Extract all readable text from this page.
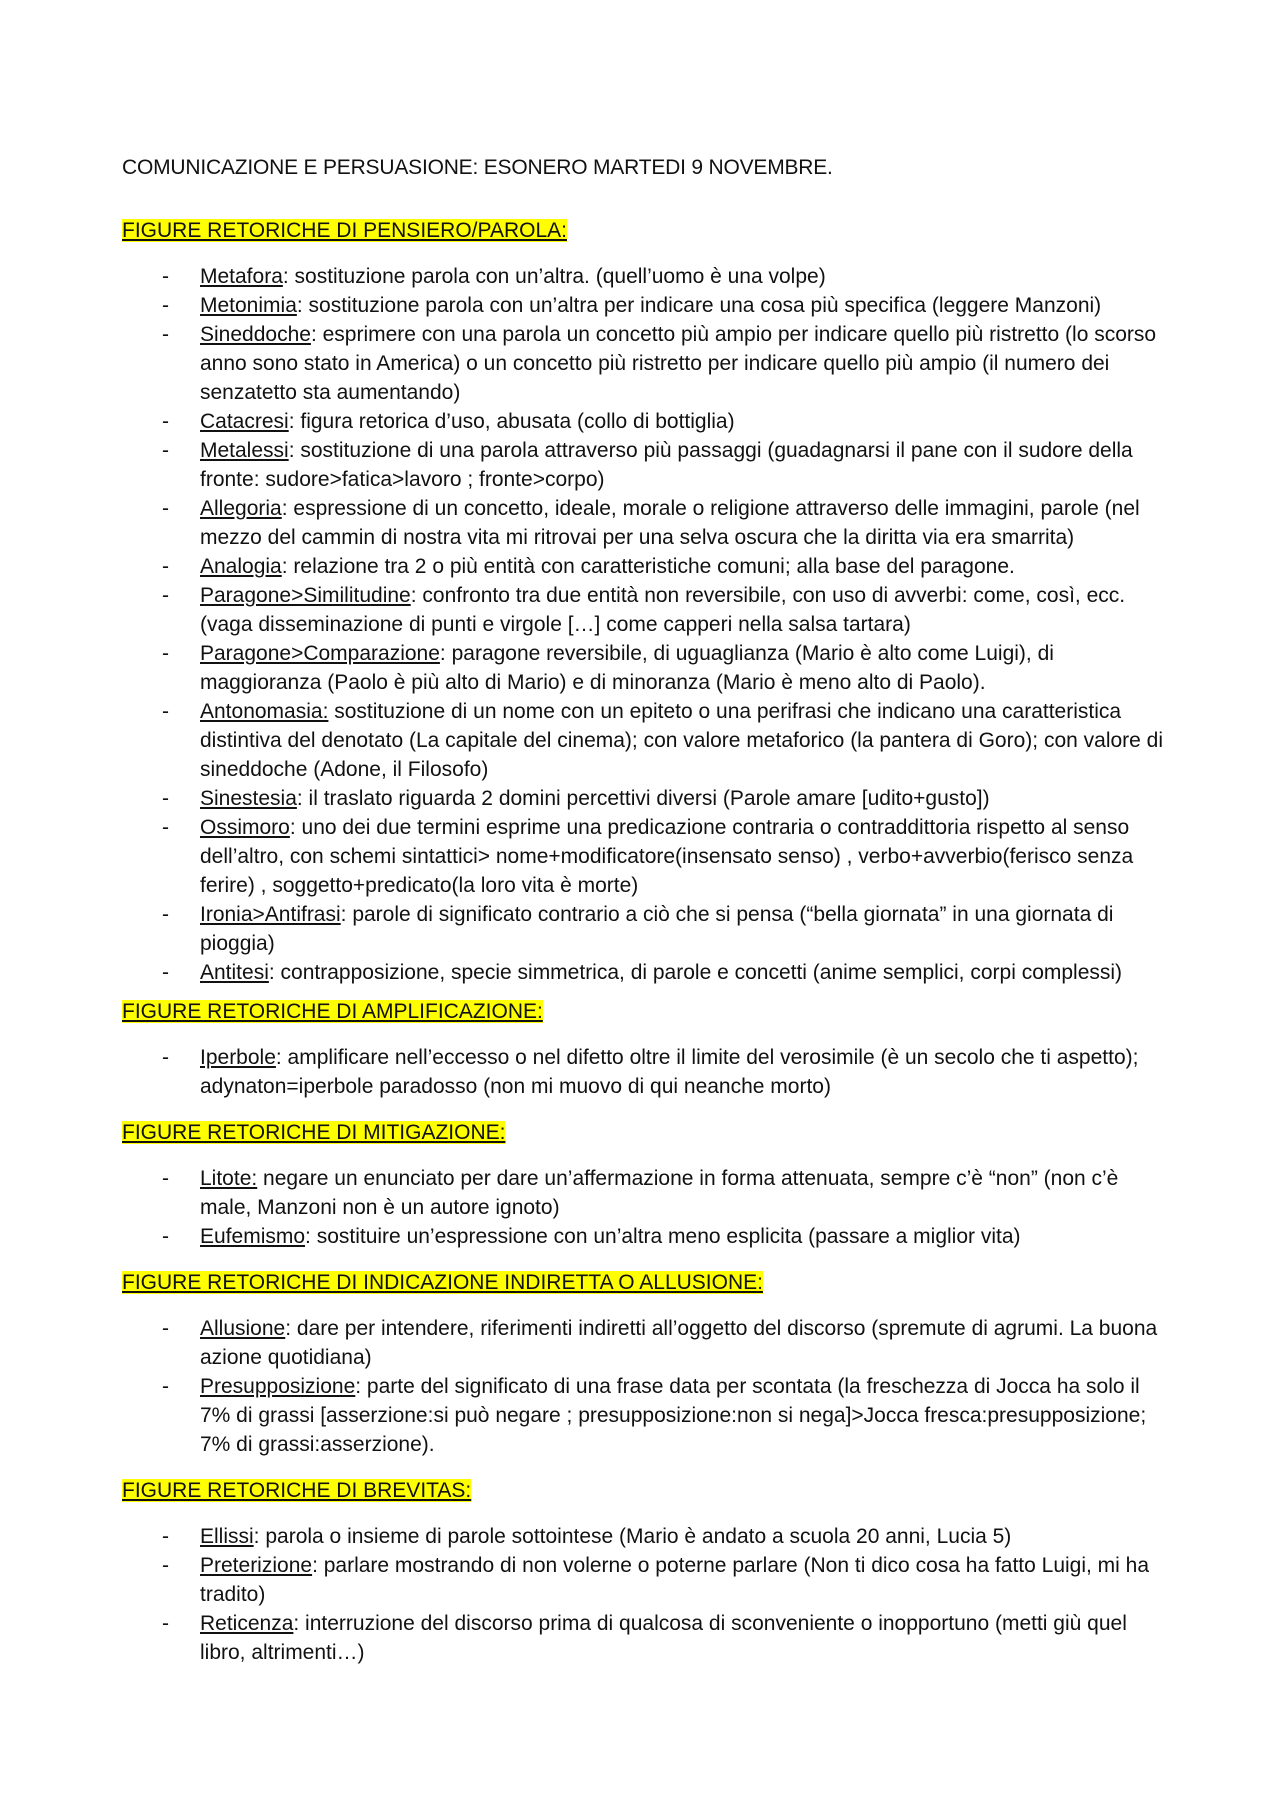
COMUNICAZIONE E PERSUASIONE: ESONERO MARTEDI 9 NOVEMBRE.
FIGURE RETORICHE DI PENSIERO/PAROLA:
- Metafora: sostituzione parola con un’altra. (quell’uomo è una volpe)
- Metonimia: sostituzione parola con un’altra per indicare una cosa più specifica (leggere Manzoni)
- Sineddoche: esprimere con una parola un concetto più ampio per indicare quello più ristretto (lo scorso anno sono stato in America) o un concetto più ristretto per indicare quello più ampio (il numero dei senzatetto sta aumentando)
- Catacresi: figura retorica d’uso, abusata (collo di bottiglia)
- Metalessi: sostituzione di una parola attraverso più passaggi (guadagnarsi il pane con il sudore della fronte: sudore>fatica>lavoro ; fronte>corpo)
- Allegoria: espressione di un concetto, ideale, morale o religione attraverso delle immagini, parole (nel mezzo del cammin di nostra vita mi ritrovai per una selva oscura che la diritta via era smarrita)
- Analogia: relazione tra 2 o più entità con caratteristiche comuni; alla base del paragone.
- Paragone>Similitudine: confronto tra due entità non reversibile, con uso di avverbi: come, così, ecc. (vaga disseminazione di punti e virgole […] come capperi nella salsa tartara)
- Paragone>Comparazione: paragone reversibile, di uguaglianza (Mario è alto come Luigi), di maggioranza (Paolo è più alto di Mario) e di minoranza (Mario è meno alto di Paolo).
- Antonomasia: sostituzione di un nome con un epiteto o una perifrasi che indicano una caratteristica distintiva del denotato (La capitale del cinema); con valore metaforico (la pantera di Goro); con valore di sineddoche (Adone, il Filosofo)
- Sinestesia: il traslato riguarda 2 domini percettivi diversi (Parole amare [udito+gusto])
- Ossimoro: uno dei due termini esprime una predicazione contraria o contraddittoria rispetto al senso dell’altro, con schemi sintattici> nome+modificatore(insensato senso) , verbo+avverbio(ferisco senza ferire) , soggetto+predicato(la loro vita è morte)
- Ironia>Antifrasi: parole di significato contrario a ciò che si pensa (“bella giornata” in una giornata di pioggia)
- Antitesi: contrapposizione, specie simmetrica, di parole e concetti (anime semplici, corpi complessi)
FIGURE RETORICHE DI AMPLIFICAZIONE:
- Iperbole: amplificare nell’eccesso o nel difetto oltre il limite del verosimile (è un secolo che ti aspetto); adynaton=iperbole paradosso (non mi muovo di qui neanche morto)
FIGURE RETORICHE DI MITIGAZIONE:
- Litote: negare un enunciato per dare un’affermazione in forma attenuata, sempre c’è “non” (non c’è male, Manzoni non è un autore ignoto)
- Eufemismo: sostituire un’espressione con un’altra meno esplicita (passare a miglior vita)
FIGURE RETORICHE DI INDICAZIONE INDIRETTA O ALLUSIONE:
- Allusione: dare per intendere, riferimenti indiretti all’oggetto del discorso (spremute di agrumi. La buona azione quotidiana)
- Presupposizione: parte del significato di una frase data per scontata (la freschezza di Jocca ha solo il 7% di grassi [asserzione:si può negare ; presupposizione:non si nega]>Jocca fresca:presupposizione; 7% di grassi:asserzione).
FIGURE RETORICHE DI BREVITAS:
- Ellissi: parola o insieme di parole sottointese (Mario è andato a scuola 20 anni, Lucia 5)
- Preterizione: parlare mostrando di non volerne o poterne parlare (Non ti dico cosa ha fatto Luigi, mi ha tradito)
- Reticenza: interruzione del discorso prima di qualcosa di sconveniente o inopportuno (metti giù quel libro, altrimenti…)
